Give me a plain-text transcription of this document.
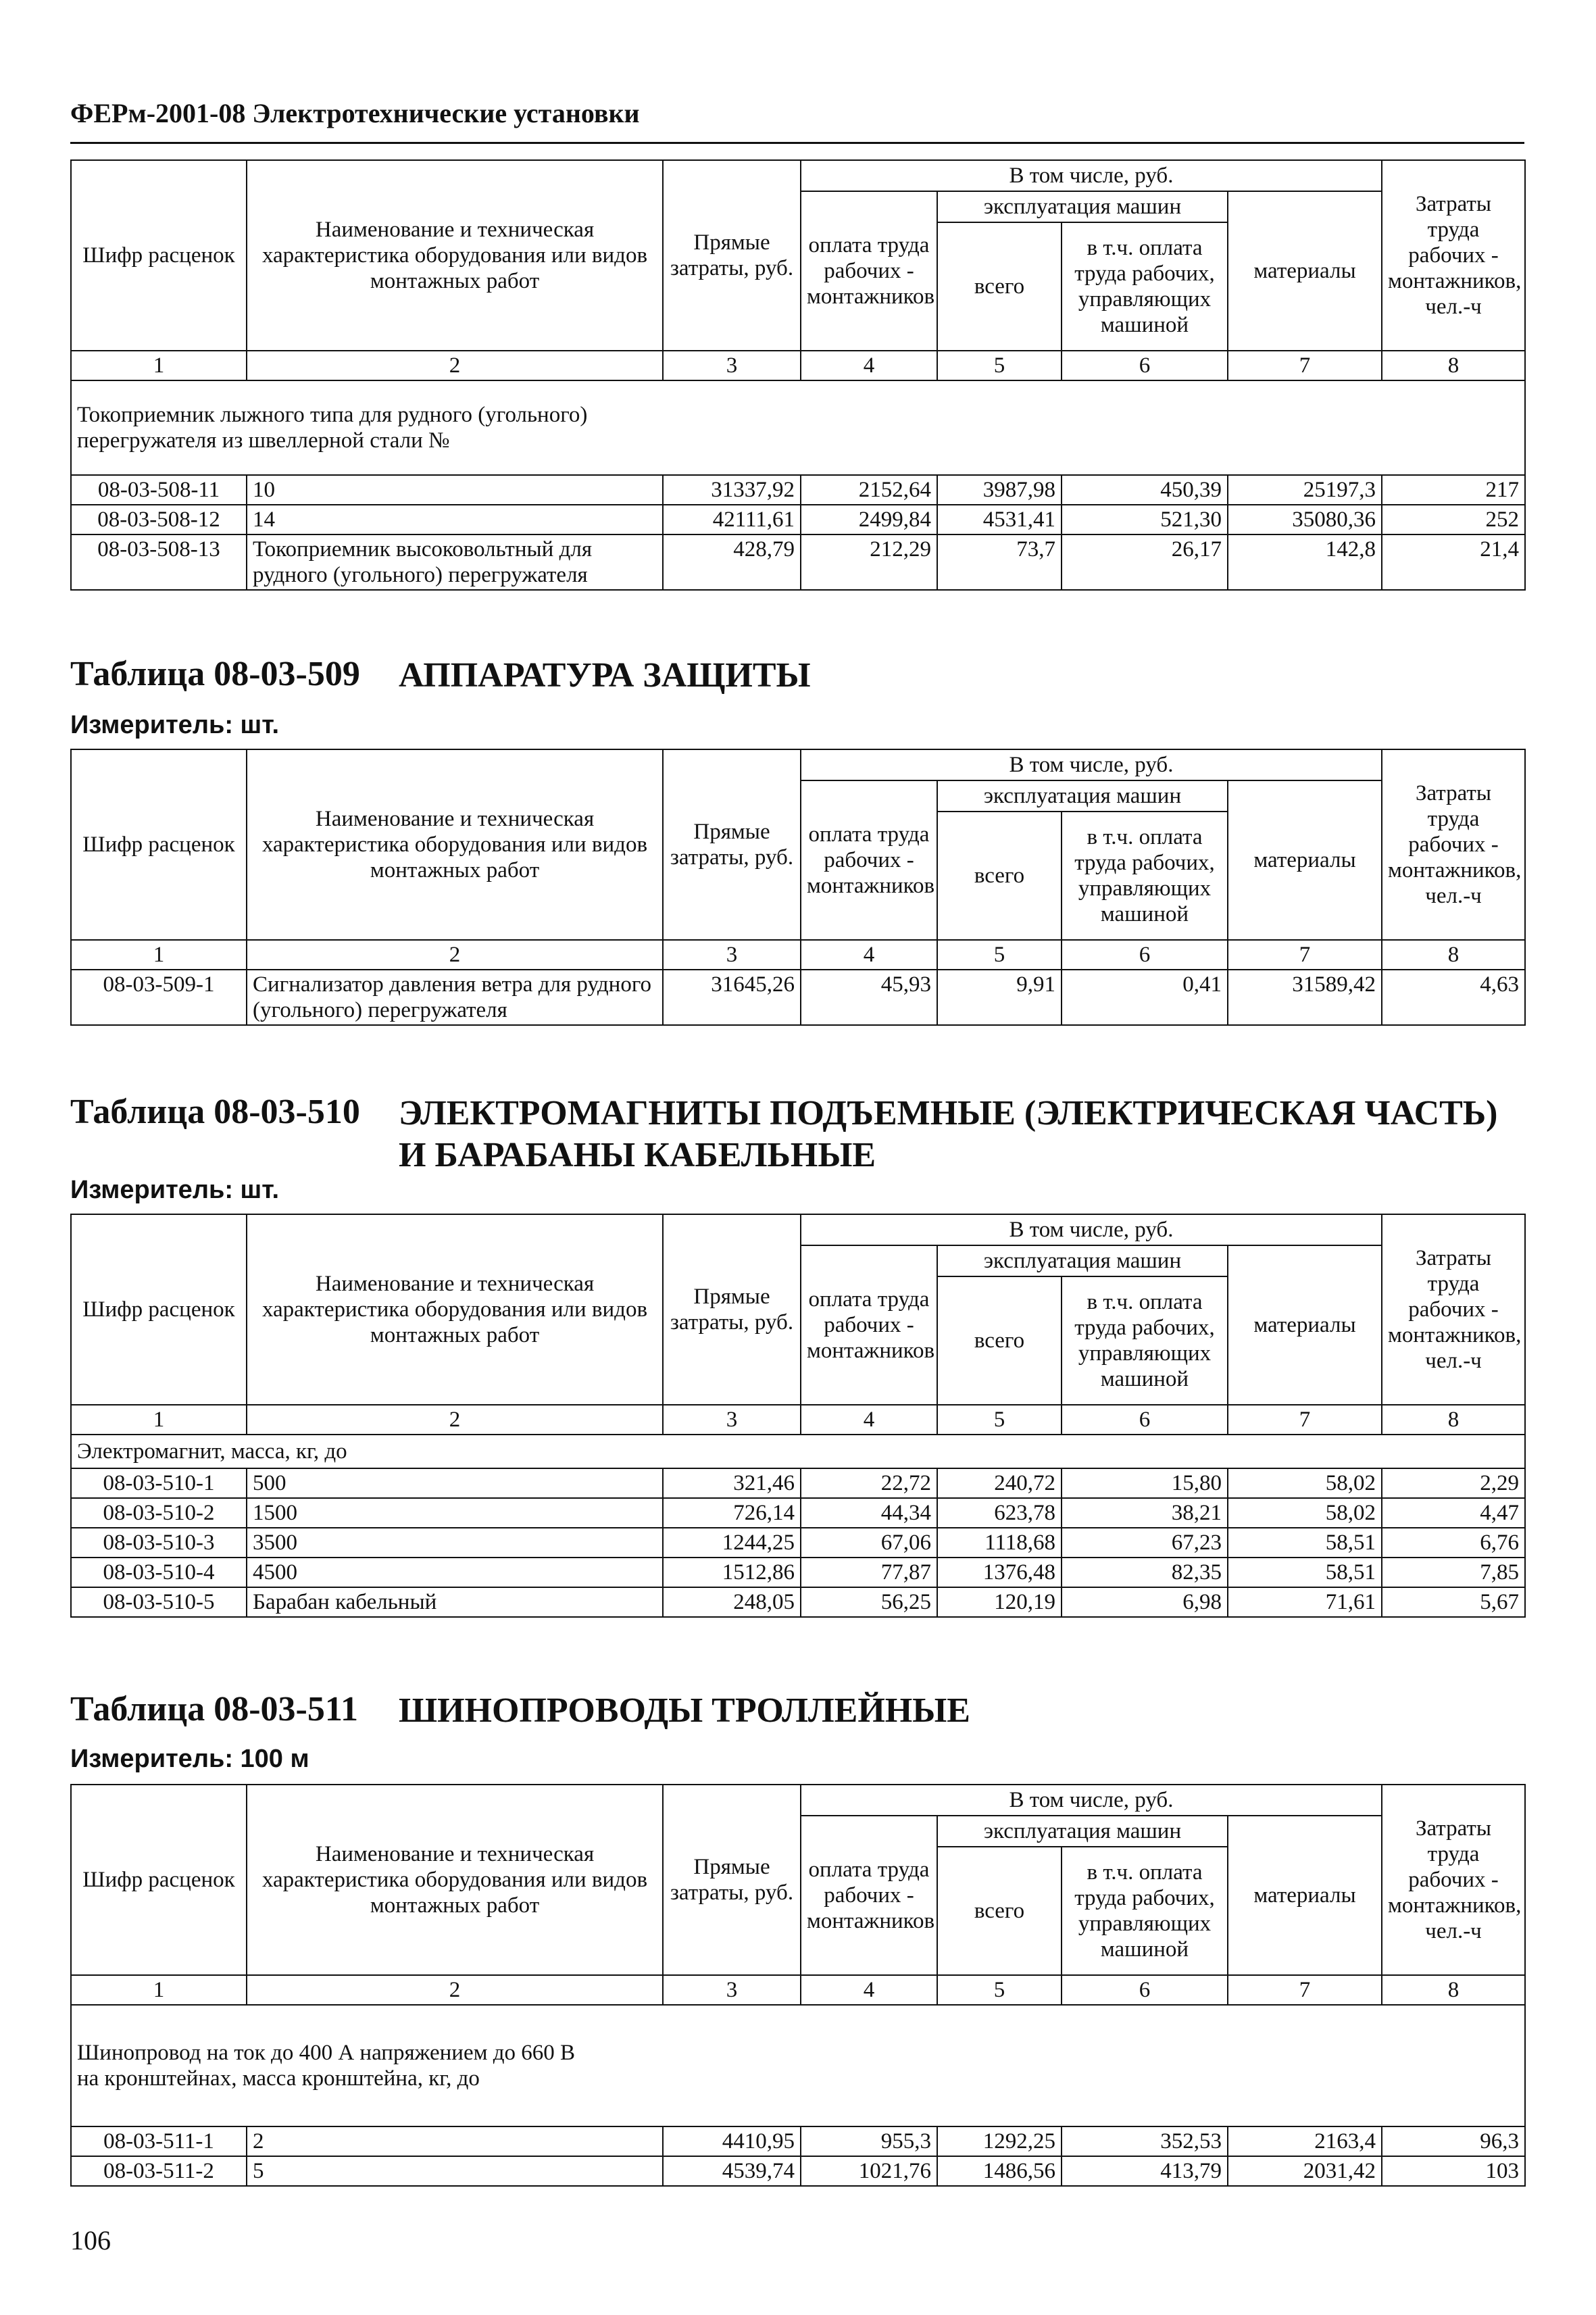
ФЕРм-2001-08 Электротехнические установки
Шифр расценок	Наименование и техническая характеристика оборудования или видов монтажных работ	Прямые затраты, руб.	В том числе, руб.				Затраты труда рабочих - монтажников, чел.-ч
			оплата труда рабочих - монтажников	эксплуатация машин		материалы	
				всего	в т.ч. оплата труда рабочих, управляющих машиной		
1	2	3	4	5	6	7	8
Токоприемник лыжного типа для рудного (угольного) перегружателя из швеллерной стали №							
08-03-508-11	10	31337,92	2152,64	3987,98	450,39	25197,3	217
08-03-508-12	14	42111,61	2499,84	4531,41	521,30	35080,36	252
08-03-508-13	Токоприемник высоковольтный для рудного (угольного) перегружателя	428,79	212,29	73,7	26,17	142,8	21,4
Таблица 08-03-509 АППАРАТУРА ЗАЩИТЫ
Измеритель: шт.
Шифр расценок	Наименование и техническая характеристика оборудования или видов монтажных работ	Прямые затраты, руб.	В том числе, руб.				Затраты труда рабочих - монтажников, чел.-ч
			оплата труда рабочих - монтажников	эксплуатация машин		материалы	
				всего	в т.ч. оплата труда рабочих, управляющих машиной		
1	2	3	4	5	6	7	8
08-03-509-1	Сигнализатор давления ветра для рудного (угольного) перегружателя	31645,26	45,93	9,91	0,41	31589,42	4,63
Таблица 08-03-510 ЭЛЕКТРОМАГНИТЫ ПОДЪЕМНЫЕ (ЭЛЕКТРИЧЕСКАЯ ЧАСТЬ)
И БАРАБАНЫ КАБЕЛЬНЫЕ
Измеритель: шт.
Шифр расценок	Наименование и техническая характеристика оборудования или видов монтажных работ	Прямые затраты, руб.	В том числе, руб.				Затраты труда рабочих - монтажников, чел.-ч
			оплата труда рабочих - монтажников	эксплуатация машин		материалы	
				всего	в т.ч. оплата труда рабочих, управляющих машиной		
1	2	3	4	5	6	7	8
Электромагнит, масса, кг, до							
08-03-510-1	500	321,46	22,72	240,72	15,80	58,02	2,29
08-03-510-2	1500	726,14	44,34	623,78	38,21	58,02	4,47
08-03-510-3	3500	1244,25	67,06	1118,68	67,23	58,51	6,76
08-03-510-4	4500	1512,86	77,87	1376,48	82,35	58,51	7,85
08-03-510-5	Барабан кабельный	248,05	56,25	120,19	6,98	71,61	5,67
Таблица 08-03-511 ШИНОПРОВОДЫ ТРОЛЛЕЙНЫЕ
Измеритель: 100 м
Шифр расценок	Наименование и техническая характеристика оборудования или видов монтажных работ	Прямые затраты, руб.	В том числе, руб.				Затраты труда рабочих - монтажников, чел.-ч
			оплата труда рабочих - монтажников	эксплуатация машин		материалы	
				всего	в т.ч. оплата труда рабочих, управляющих машиной		
1	2	3	4	5	6	7	8
Шинопровод на ток до 400 А напряжением до 660 В на кронштейнах, масса кронштейна, кг, до							
08-03-511-1	2	4410,95	955,3	1292,25	352,53	2163,4	96,3
08-03-511-2	5	4539,74	1021,76	1486,56	413,79	2031,42	103
106
